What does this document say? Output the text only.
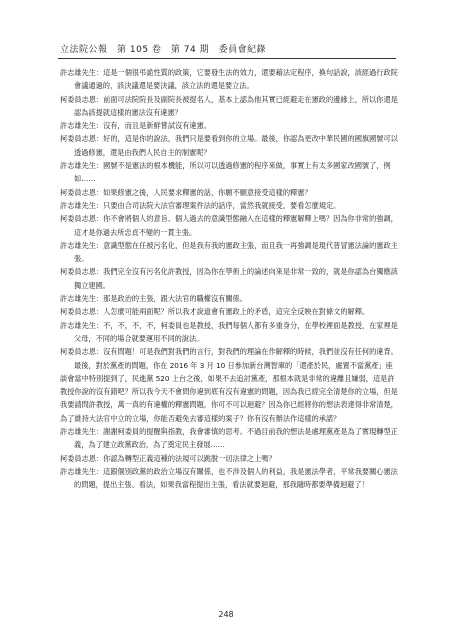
立法院公報　第 105 卷　第 74 期　委員會紀錄

許志雄先生：這是一個很弔詭性質的政策，它要發生法的效力，還要藉法定程序，換句話說，該經過行政院會議通過的，該決議還是要決議，該立法的還是要立法。

柯委員志恩：前面可法院院長及副院長被提名人，基本上認為他其實已經避走在憲政的邊緣上，所以你還是認為該提就這樣的憲法沒有違憲？

許志雄先生：沒有，而且是新鮮嘗試沒有違憲。

柯委員志恩：好的，這是你的說法，我們只是要看到你的立場。最後，你認為更改中華民國的國旗國號可以透過修憲，還是由我們人民自主的制憲呢？

許志雄先生：國號不是憲法的根本機能，所以可以透過修憲的程序來做，事實上有太多國家改國號了，例如……

柯委員志恩：如果修憲之後，人民要求釋憲的話，你願不願意接受這樣的釋憲？

許志雄先生：只要由合司法院大法官審理案件法的話序，當然我就接受，要看怎麼規定。

柯委員志恩：你不會將個人的意旨、個人過去的意識型態融入在這樣的釋憲解釋上嗎？因為你非常的強調，這才是你過去所忠貞不變的一貫主張。

許志雄先生：意識型態在任被污名化，但是我有我的憲政主張，而且我一再強調是現代普冒憲法論的憲政主張。

柯委員志恩：我們完全沒有污名化許教授，因為你在學術上的論述向來是非常一致的，就是你認為台獨應該獨立建國。

許志雄先生：那是政治的主張，跟大法官的職權沒有關係。

柯委員志恩：人怎麼可能兩面呢？所以我才說道會有憲政上的矛盾，這完全反映在對條文的解釋。

許志雄先生：不，不，不，不，柯委員也是教授，我們每個人都有多重身分，在學校裡面是教授，在家裡是父母，不同的場合就要運用不同的說法。

柯委員志恩：沒有問題！可是我們對我們的言行，對我們的理論在作解釋的時候，我們並沒有任何的違背。

最後，對於黨產的問題，你在 2016 年 3 月 10 日參加新台灣智庫的「還產於民，處置不當黨產」座談會當中特別提到了，民進黨 520 上台之後，如果不去追討黨產，那根本就是非常的違離且嫌弱，這是許教授你說的沒有錯吧？所以我今天不會問你違到底有沒有違憲的問題，因為我已經完全清楚你的立場，但是我要請問許教授，萬一真的有違權的釋憲問題，你可不可以迴避？因為你已經將你的想法表達得非常清楚，為了維持大法官中立的立場，你能否避免去審這樣的案子？你有沒有辦法作這樣的承諾？

許志雄先生：謝謝柯委員的提醒與指教，我會審慎的思考。不過目前我的想法是處理黨產是為了實現轉型正義，為了建立政黨政治，為了奠定民主發展……

柯委員志恩：你認為轉型正義這種的法規可以跳脫一切法律之上嗎？

許志雄先生：這跟個別政黨的政治立場沒有關係，也不涉及個人的利益，我是憲法學者，平常我要關心憲法的問題，提出主張、看法，如果我當程提出主張，看法就要迴避，那我隨時都要準備迴避了！

248
